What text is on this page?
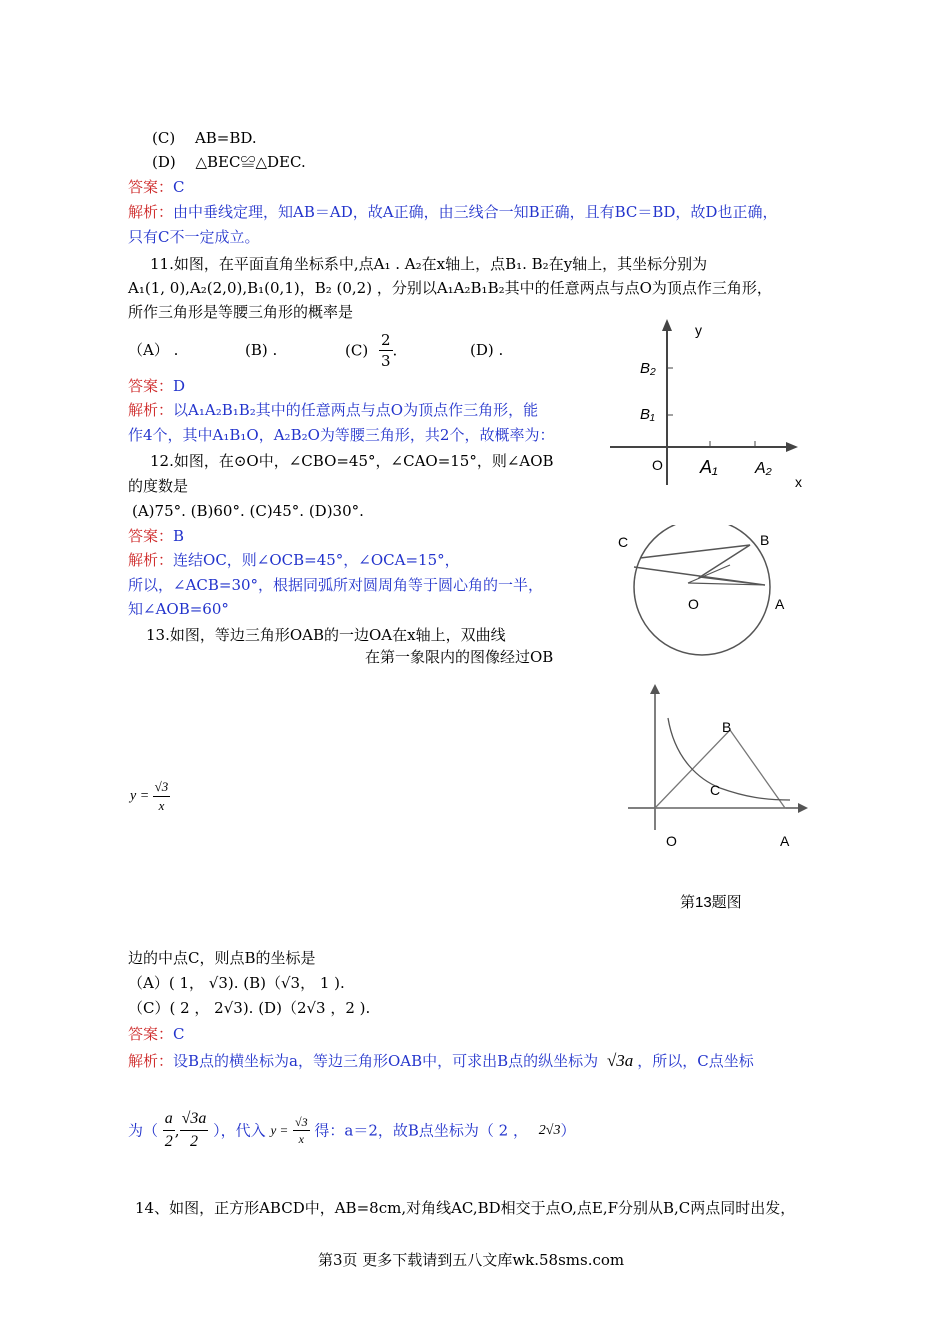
(C)　 AB=BD.
(D)　 △BEC≌△DEC.
答案：C
解析：由中垂线定理，知AB＝AD，故A正确，由三线合一知B正确，且有BC＝BD，故D也正确，
只有C不一定成立。
11.如图，在平面直角坐标系中,点A₁ . A₂在x轴上，点B₁. B₂在y轴上，其坐标分别为
A₁(1, 0),A₂(2,0),B₁(0,1)，B₂ (0,2) ，分别以A₁A₂B₁B₂其中的任意两点与点O为顶点作三角形，
所作三角形是等腰三角形的概率是
（A） .	(B) .	$(C) \frac{2}{3}$ .	(D) .
答案：D
解析：以A₁A₂B₁B₂其中的任意两点与点O为顶点作三角形，能
作4个，其中A₁B₁O，A₂B₂O为等腰三角形，共2个，故概率为：
y
x
O
B₂
B₁
A₁ A₂
12.如图，在⊙O中，∠CBO=45°，∠CAO=15°，则∠AOB
的度数是
(A)75°. (B)60°. (C)45°. (D)30°.
答案：B
解析：连结OC，则∠OCB=45°，∠OCA=15°，
所以，∠ACB=30°，根据同弧所对圆周角等于圆心角的一半，
知∠AOB=60°
C	B
O	A
13.如图，等边三角形OAB的一边OA在x轴上，双曲线
在第一象限内的图像经过OB
$y = \frac{√3}{x}$
B
C
O	A
第13题图
边的中点C，则点B的坐标是
（A）( 1， √3). (B)（√3， 1 ).
（C）( 2 ， 2√3). (D)（2√3 ，2 ).
答案：C
解析：设B点的横坐标为a，等边三角形OAB中，可求出B点的纵坐标为 √3a ，所以，C点坐标
为（ $\frac{a}{2}$ , $\frac{√3a}{2}$ ），代入 $y = \frac{√3}{x}$ 得：a＝2，故B点坐标为（ 2 ， 2√3）
14、如图，正方形ABCD中，AB=8cm,对角线AC,BD相交于点O,点E,F分别从B,C两点同时出发，
第3页 更多下载请到五八文库wk.58sms.com
